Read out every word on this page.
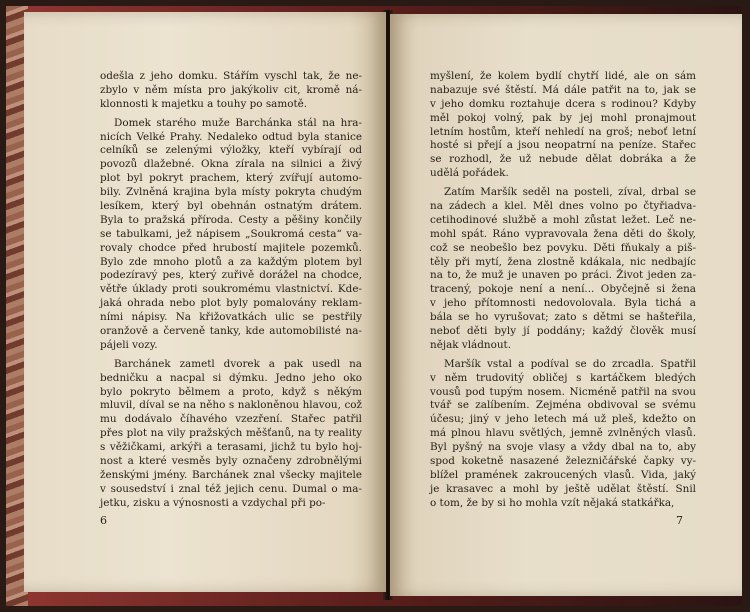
odešla z jeho domku. Stářím vyschl tak, že ne-
zbylo v něm místa pro jakýkoliv cit, kromě ná-
klonnosti k majetku a touhy po samotě.
Domek starého muže Barchánka stál na hra-
nicích Velké Prahy. Nedaleko odtud byla stanice
celníků se zelenými výložky, kteří vybírají od
povozů dlažebné. Okna zírala na silnici a živý
plot byl pokryt prachem, který zvířují automo-
bily. Zvlněná krajina byla místy pokryta chudým
lesíkem, který byl obehnán ostnatým drátem.
Byla to pražská příroda. Cesty a pěšiny končily
se tabulkami, jež nápisem „Soukromá cesta“ va-
rovaly chodce před hrubostí majitele pozemků.
Bylo zde mnoho plotů a za každým plotem byl
podezíravý pes, který zuřivě dorážel na chodce,
větře úklady proti soukromému vlastnictví. Kde-
jaká ohrada nebo plot byly pomalovány reklam-
ními nápisy. Na křižovatkách ulic se pestřily
oranžově a červeně tanky, kde automobilisté na-
pájeli vozy.
Barchánek zametl dvorek a pak usedl na
bedničku a nacpal si dýmku. Jedno jeho oko
bylo pokryto bělmem a proto, když s někým
mluvil, díval se na něho s nakloněnou hlavou, což
mu dodávalo číhavého vzezření. Stařec patřil
přes plot na vily pražských měšťanů, na ty reality
s věžičkami, arkýři a terasami, jichž tu bylo hoj-
nost a které vesměs byly označeny zdrobnělými
ženskými jmény. Barchánek znal všecky majitele
v sousedství i znal též jejich cenu. Dumal o ma-
jetku, zisku a výnosnosti a vzdychal při po-
6
myšlení, že kolem bydlí chytří lidé, ale on sám
nabazuje své štěstí. Má dále patřit na to, jak se
v jeho domku roztahuje dcera s rodinou? Kdyby
měl pokoj volný, pak by jej mohl pronajmout
letním hostům, kteří nehledí na groš; neboť letní
hosté si přejí a jsou neopatrní na peníze. Stařec
se rozhodl, že už nebude dělat dobráka a že
udělá pořádek.
Zatím Maršík seděl na posteli, zíval, drbal se
na zádech a klel. Měl dnes volno po čtyřiadva-
cetihodinové službě a mohl zůstat ležet. Leč ne-
mohl spát. Ráno vypravovala žena děti do školy,
což se neobešlo bez povyku. Děti fňukaly a piš-
těly při mytí, žena zlostně kdákala, nic nedbajíc
na to, že muž je unaven po práci. Život jeden za-
tracený, pokoje není a není... Obyčejně si žena
v jeho přítomnosti nedovolovala. Byla tichá a
bála se ho vyrušovat; zato s dětmi se hašteřila,
neboť děti byly jí poddány; každý člověk musí
nějak vládnout.
Maršík vstal a podíval se do zrcadla. Spatřil
v něm trudovitý obličej s kartáčkem bledých
vousů pod tupým nosem. Nicméně patřil na svou
tvář se zalíbením. Zejména obdivoval se svému
účesu; jiný v jeho letech má už pleš, kdežto on
má plnou hlavu světlých, jemně zvlněných vlasů.
Byl pyšný na svoje vlasy a vždy dbal na to, aby
spod koketně nasazené železničářské čapky vy-
blížel pramének zakroucených vlasů. Vida, jaký
je krasavec a mohl by ještě udělat štěstí. Snil
o tom, že by si ho mohla vzít nějaká statkářka,
7
